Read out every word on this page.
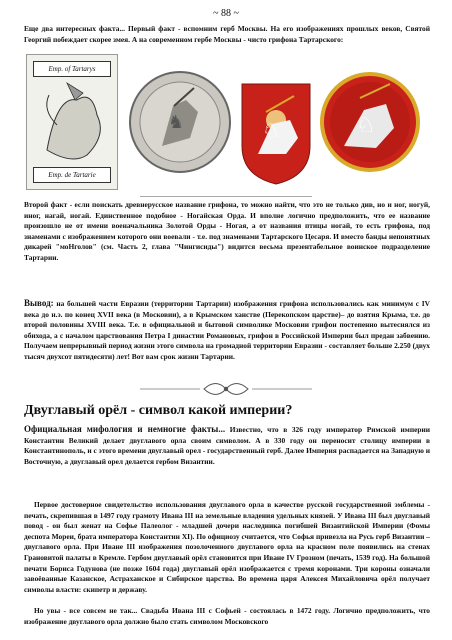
~ 88 ~

Еще два интересных факта... Первый факт - вспомним герб Москвы. На его изображениях прошлых веков, Святой Георгий побеждает скорее змея. А на современном гербе Москвы - чисто грифона Тартарского:

Emp. of Tartarys
Emp. de Tartarie
♞	♘	♘

Второй факт - если поискать древнерусское название грифона, то можно найти, что это не только див, но и ног, ногуй, иног, нагай, ногай. Единственное подобное - Ногайская Орда. И вполне логично предположить, что ее название произошло не от имени военачальника Золотой Орды - Ногая, а от названия птицы ногай, то есть грифона, под знаменами с изображением которого они воевали - т.е. под знаменами Тартарского Цесаря. И вместо банды непонятных дикарей "моНголов" (см. Часть 2, глава "Чингисиды") видится весьма презентабельное воинское подразделение Тартарии.

Вывод: на большей части Евразии (территории Тартарии) изображения грифона использовались как минимум с IV века до н.э. по конец XVII века (в Московии), а в Крымском ханстве (Перекопском царстве)– до взятия Крыма, т.е. до второй половины XVIII века. Т.е. в официальной и бытовой символике Московии грифон постепенно вытеснялся из обихода, а с началом царствования Петра I династии Романовых, грифон в Российской Империи был предан забвению. Получаем непрерывный период жизни этого символа на громадной территории Евразии - составляет больше 2.250 (двух тысяч двухсот пятидесяти) лет! Вот вам срок жизни Тартарии.

Двуглавый орёл - символ какой империи?

Официальная мифология и немногие факты... Известно, что в 326 году император Римской империи Константин Великий делает двуглавого орла своим символом. А в 330 году он переносит столицу империи в Константинополь, и с этого времени двуглавый орел - государственный герб. Далее Империя распадается на Западную и Восточную, а двуглавый орел делается гербом Византии.

Первое достоверное свидетельство использования двуглавого орла в качестве русской государственной эмблемы - печать, скрепившая в 1497 году грамоту Ивана III на земельные владения удельных князей. У Ивана III был двуглавый повод - он был женат на Софье Палеолог - младшей дочери наследника погибшей Византийской Империи (Фомы деспота Мореи, брата императора Константин XI). По официозу считается, что Софья привезла на Русь герб Византии – двуглавого орла. При Иване III изображения позолоченного двуглавого орла на красном поле появились на стенах Грановитой палаты в Кремле. Гербом двуглавый орёл становится при Иване IV Грозном (печать, 1539 год). На большой печати Бориса Годунова (не позже 1604 года) двуглавый орёл изображается с тремя коронами. Три короны означали завоёванные Казанское, Астраханское и Сибирское царства. Во времена царя Алексея Михайловича орёл получает символы власти: скипетр и державу.

Но увы - все совсем не так... Свадьба Ивана III с Софьей - состоялась в 1472 году. Логично предположить, что изображение двуглавого орла должно было стать символом Московского
